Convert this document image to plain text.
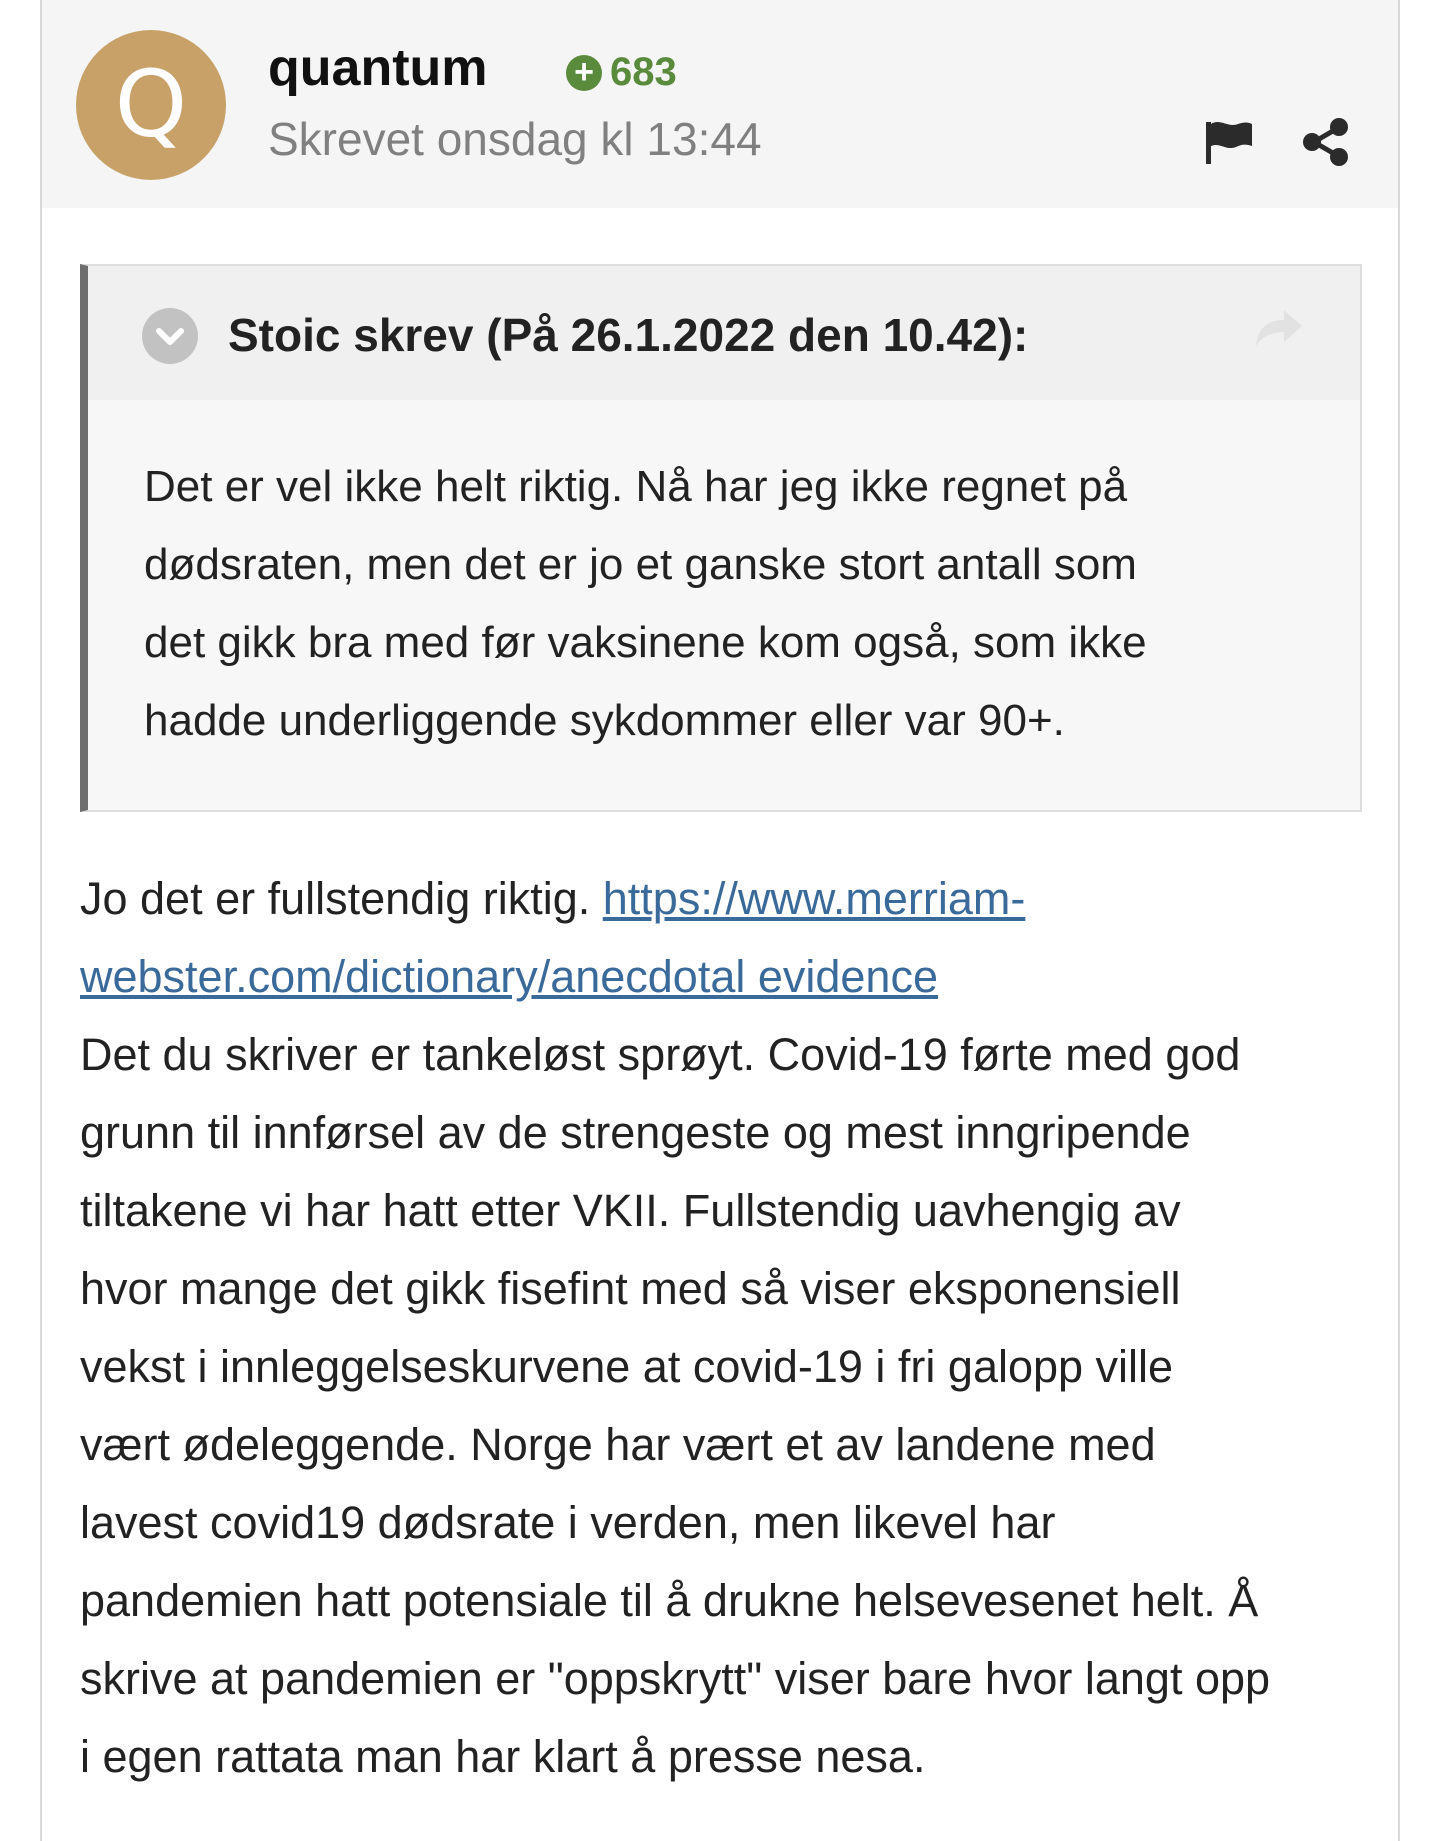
Q	quantum	+ 683
Skrevet onsdag kl 13:44
Stoic skrev (På 26.1.2022 den 10.42):
Det er vel ikke helt riktig. Nå har jeg ikke regnet på
dødsraten, men det er jo et ganske stort antall som
det gikk bra med før vaksinene kom også, som ikke
hadde underliggende sykdommer eller var 90+.
Jo det er fullstendig riktig. https://www.merriam-
webster.com/dictionary/anecdotal evidence
Det du skriver er tankeløst sprøyt. Covid-19 førte med god
grunn til innførsel av de strengeste og mest inngripende
tiltakene vi har hatt etter VKII. Fullstendig uavhengig av
hvor mange det gikk fisefint med så viser eksponensiell
vekst i innleggelseskurvene at covid-19 i fri galopp ville
vært ødeleggende. Norge har vært et av landene med
lavest covid19 dødsrate i verden, men likevel har
pandemien hatt potensiale til å drukne helsevesenet helt. Å
skrive at pandemien er "oppskrytt" viser bare hvor langt opp
i egen rattata man har klart å presse nesa.
